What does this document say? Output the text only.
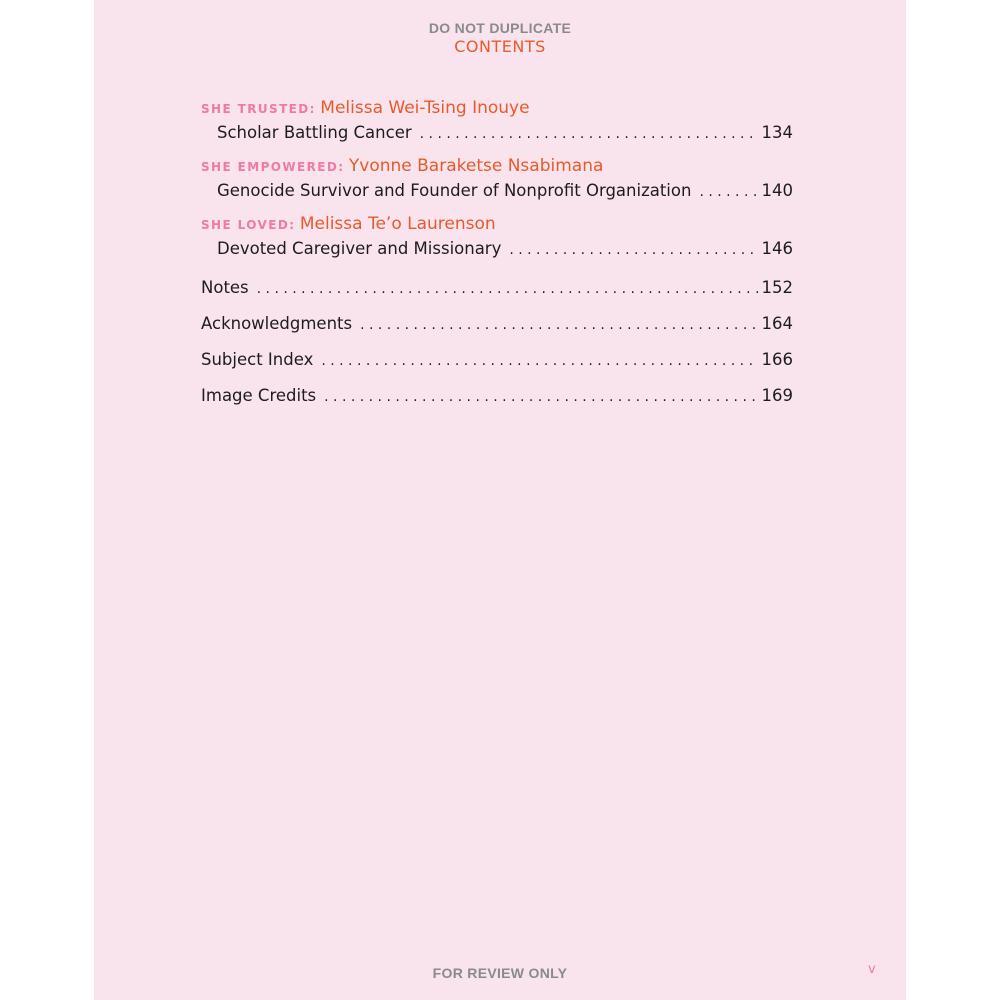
DO NOT DUPLICATE
CONTENTS
SHE TRUSTED: Melissa Wei-Tsing Inouye
Scholar Battling Cancer . . .	134
SHE EMPOWERED: Yvonne Baraketse Nsabimana
Genocide Survivor and Founder of Nonprofit Organization . . .	140
SHE LOVED: Melissa Te’o Laurenson
Devoted Caregiver and Missionary . . .	146
Notes . . .	152
Acknowledgments . . .	164
Subject Index . . .	166
Image Credits . . .	169
FOR REVIEW ONLY	v
